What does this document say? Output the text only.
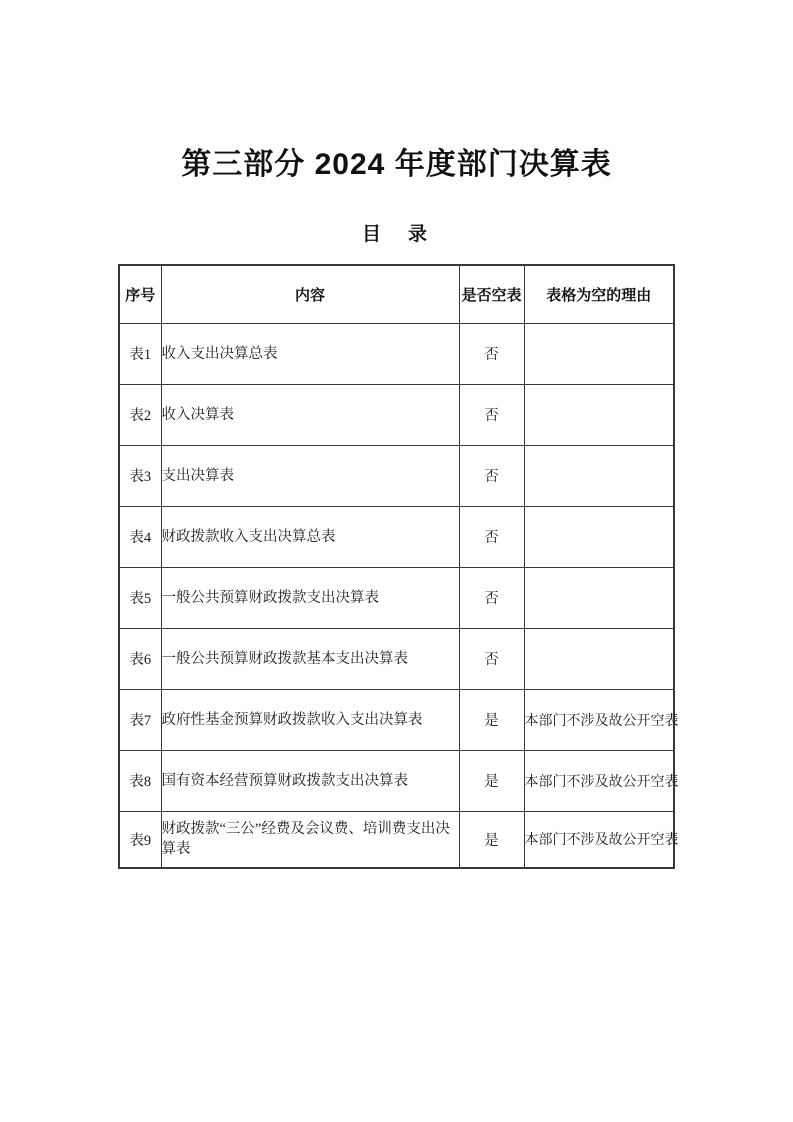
第三部分 2024 年度部门决算表
目　录
序号	内容	是否空表	表格为空的理由
表1	收入支出决算总表	否	
表2	收入决算表	否	
表3	支出决算表	否	
表4	财政拨款收入支出决算总表	否	
表5	一般公共预算财政拨款支出决算表	否	
表6	一般公共预算财政拨款基本支出决算表	否	
表7	政府性基金预算财政拨款收入支出决算表	是	本部门不涉及故公开空表
表8	国有资本经营预算财政拨款支出决算表	是	本部门不涉及故公开空表
表9	财政拨款“三公”经费及会议费、培训费支出决算表	是	本部门不涉及故公开空表
